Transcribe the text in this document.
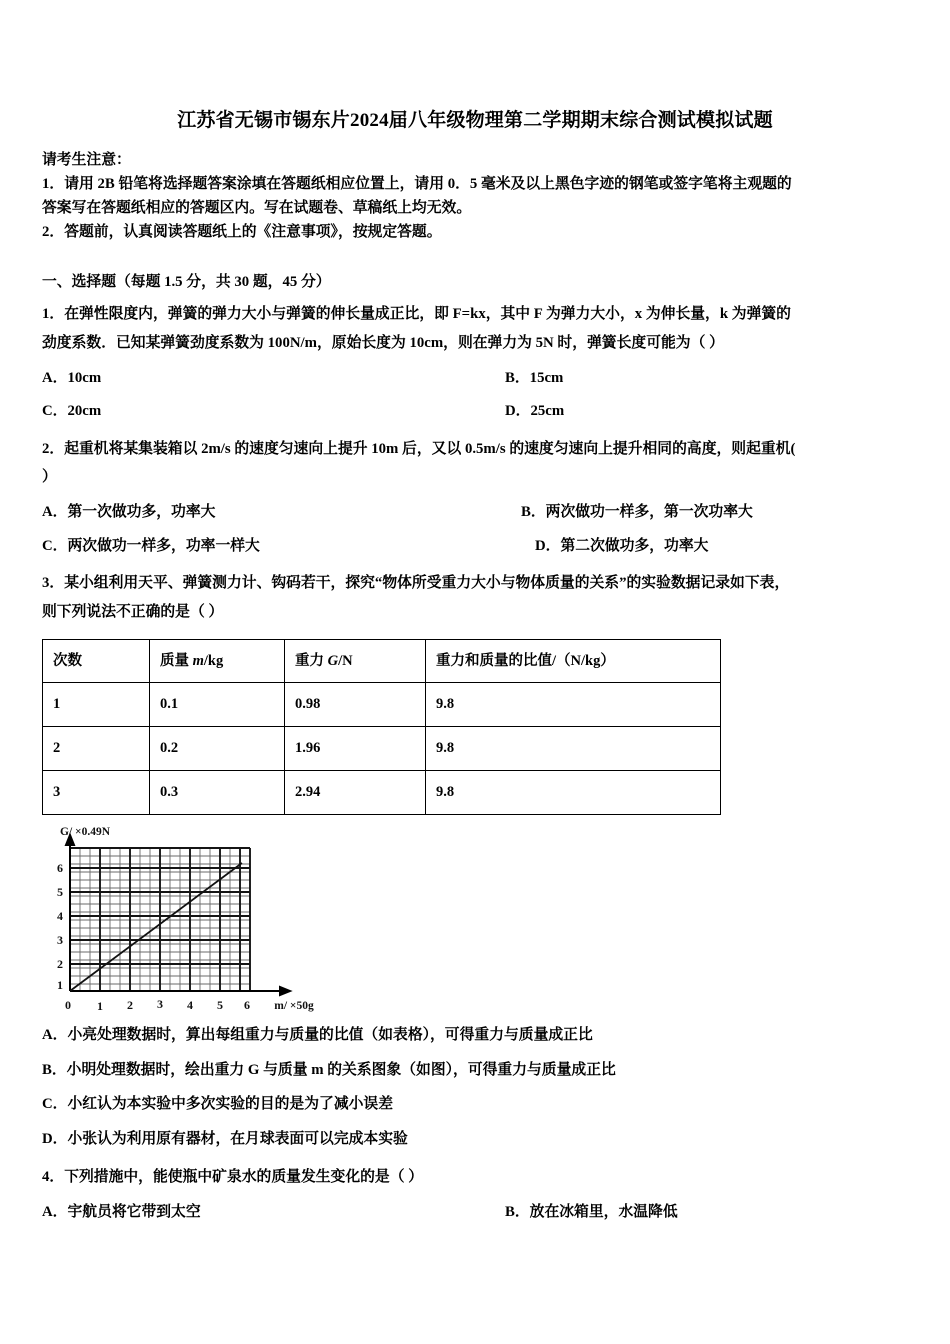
江苏省无锡市锡东片2024届八年级物理第二学期期末综合测试模拟试题

请考生注意：

1．请用 2B 铅笔将选择题答案涂填在答题纸相应位置上，请用 0．5 毫米及以上黑色字迹的钢笔或签字笔将主观题的

答案写在答题纸相应的答题区内。写在试题卷、草稿纸上均无效。

2．答题前，认真阅读答题纸上的《注意事项》，按规定答题。

一、选择题（每题 1.5 分，共 30 题，45 分）

1．在弹性限度内，弹簧的弹力大小与弹簧的伸长量成正比，即 F=kx，其中 F 为弹力大小，x 为伸长量，k 为弹簧的

劲度系数．已知某弹簧劲度系数为 100N/m，原始长度为 10cm，则在弹力为 5N 时，弹簧长度可能为（ ）

A．10cm	B．15cm
C．20cm	D．25cm

2．起重机将某集装箱以 2m/s 的速度匀速向上提升 10m 后，又以 0.5m/s 的速度匀速向上提升相同的高度，则起重机(

）

A．第一次做功多，功率大	B．两次做功一样多，第一次功率大
C．两次做功一样多，功率一样大	D．第二次做功多，功率大

3．某小组利用天平、弹簧测力计、钩码若干，探究“物体所受重力大小与物体质量的关系”的实验数据记录如下表，

则下列说法不正确的是（ ）

次数	质量 m/kg	重力 G/N	重力和质量的比值/（N/kg）
1	0.1	0.98	9.8
2	0.2	1.96	9.8
3	0.3	2.94	9.8
G/ ×0.49N
m/ ×50g
6
5
4
3
2
1
0 1 2 3 4 5 6
A．小亮处理数据时，算出每组重力与质量的比值（如表格），可得重力与质量成正比
B．小明处理数据时，绘出重力 G 与质量 m 的关系图象（如图），可得重力与质量成正比
C．小红认为本实验中多次实验的目的是为了减小误差
D．小张认为利用原有器材，在月球表面可以完成本实验

4．下列措施中，能使瓶中矿泉水的质量发生变化的是（ ）

A．宇航员将它带到太空	B．放在冰箱里，水温降低
